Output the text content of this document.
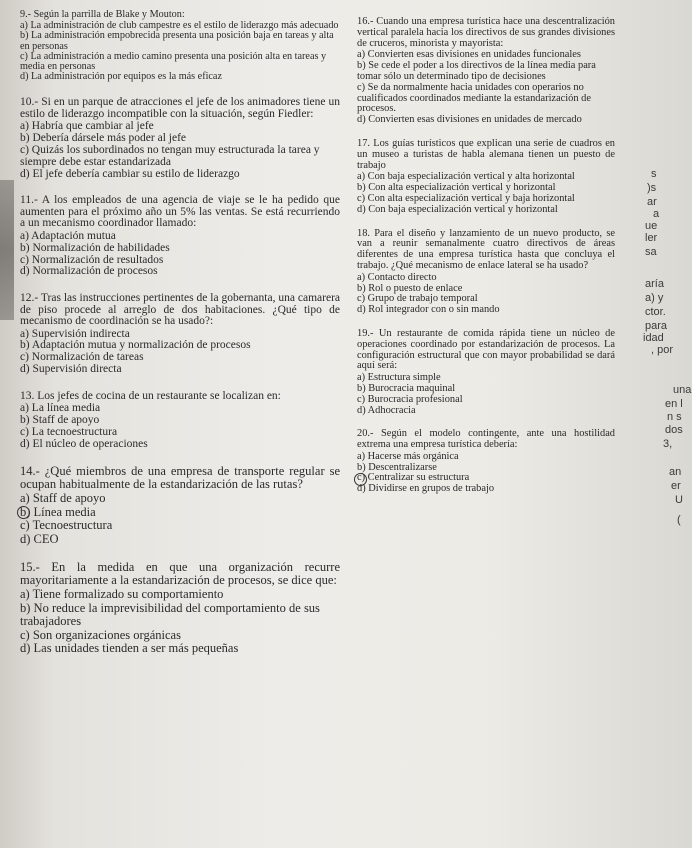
9.- Según la parrilla de Blake y Mouton:
a) La administración de club campestre es el estilo de liderazgo más adecuado
b) La administración empobrecida presenta una posición baja en tareas y alta en personas
c) La administración a medio camino presenta una posición alta en tareas y media en personas
d) La administración por equipos es la más eficaz
10.- Si en un parque de atracciones el jefe de los animadores tiene un estilo de liderazgo incompatible con la situación, según Fiedler:
a) Habría que cambiar al jefe
b) Debería dársele más poder al jefe
c) Quizás los subordinados no tengan muy estructurada la tarea y siempre debe estar estandarizada
d) El jefe debería cambiar su estilo de liderazgo
11.- A los empleados de una agencia de viaje se le ha pedido que aumenten para el próximo año un 5% las ventas. Se está recurriendo a un mecanismo coordinador llamado:
a) Adaptación mutua
b) Normalización de habilidades
c) Normalización de resultados
d) Normalización de procesos
12.- Tras las instrucciones pertinentes de la gobernanta, una camarera de piso procede al arreglo de dos habitaciones. ¿Qué tipo de mecanismo de coordinación se ha usado?:
a) Supervisión indirecta
b) Adaptación mutua y normalización de procesos
c) Normalización de tareas
d) Supervisión directa
13. Los jefes de cocina de un restaurante se localizan en:
a) La línea media
b) Staff de apoyo
c) La tecnoestructura
d) El núcleo de operaciones
14.- ¿Qué miembros de una empresa de transporte regular se ocupan habitualmente de la estandarización de las rutas?
a) Staff de apoyo
b) Línea media
c) Tecnoestructura
d) CEO
15.- En la medida en que una organización recurre mayoritariamente a la estandarización de procesos, se dice que:
a) Tiene formalizado su comportamiento
b) No reduce la imprevisibilidad del comportamiento de sus trabajadores
c) Son organizaciones orgánicas
d) Las unidades tienden a ser más pequeñas
16.- Cuando una empresa turística hace una descentralización vertical paralela hacia los directivos de sus grandes divisiones de cruceros, minorista y mayorista:
a) Convierten esas divisiones en unidades funcionales
b) Se cede el poder a los directivos de la línea media para tomar sólo un determinado tipo de decisiones
c) Se da normalmente hacia unidades con operarios no cualificados coordinados mediante la estandarización de procesos.
d) Convierten esas divisiones en unidades de mercado
17. Los guías turísticos que explican una serie de cuadros en un museo a turistas de habla alemana tienen un puesto de trabajo
a) Con baja especialización vertical y alta horizontal
b) Con alta especialización vertical y horizontal
c) Con alta especialización vertical y baja horizontal
d) Con baja especialización vertical y horizontal
18. Para el diseño y lanzamiento de un nuevo producto, se van a reunir semanalmente cuatro directivos de áreas diferentes de una empresa turística hasta que concluya el trabajo. ¿Qué mecanismo de enlace lateral se ha usado?
a) Contacto directo
b) Rol o puesto de enlace
c) Grupo de trabajo temporal
d) Rol integrador con o sin mando
19.- Un restaurante de comida rápida tiene un núcleo de operaciones coordinado por estandarización de procesos. La configuración estructural que con mayor probabilidad se dará aquí será:
a) Estructura simple
b) Burocracia maquinal
c) Burocracia profesional
d) Adhocracia
20.- Según el modelo contingente, ante una hostilidad extrema una empresa turística debería:
a) Hacerse más orgánica
b) Descentralizarse
c) Centralizar su estructura
d) Dividirse en grupos de trabajo
s
)s
ar
a
ue
ler
sa
aría
a) y
ctor.
para
idad
, por
una
en l
n s
dos
3,
an
er
U
(
